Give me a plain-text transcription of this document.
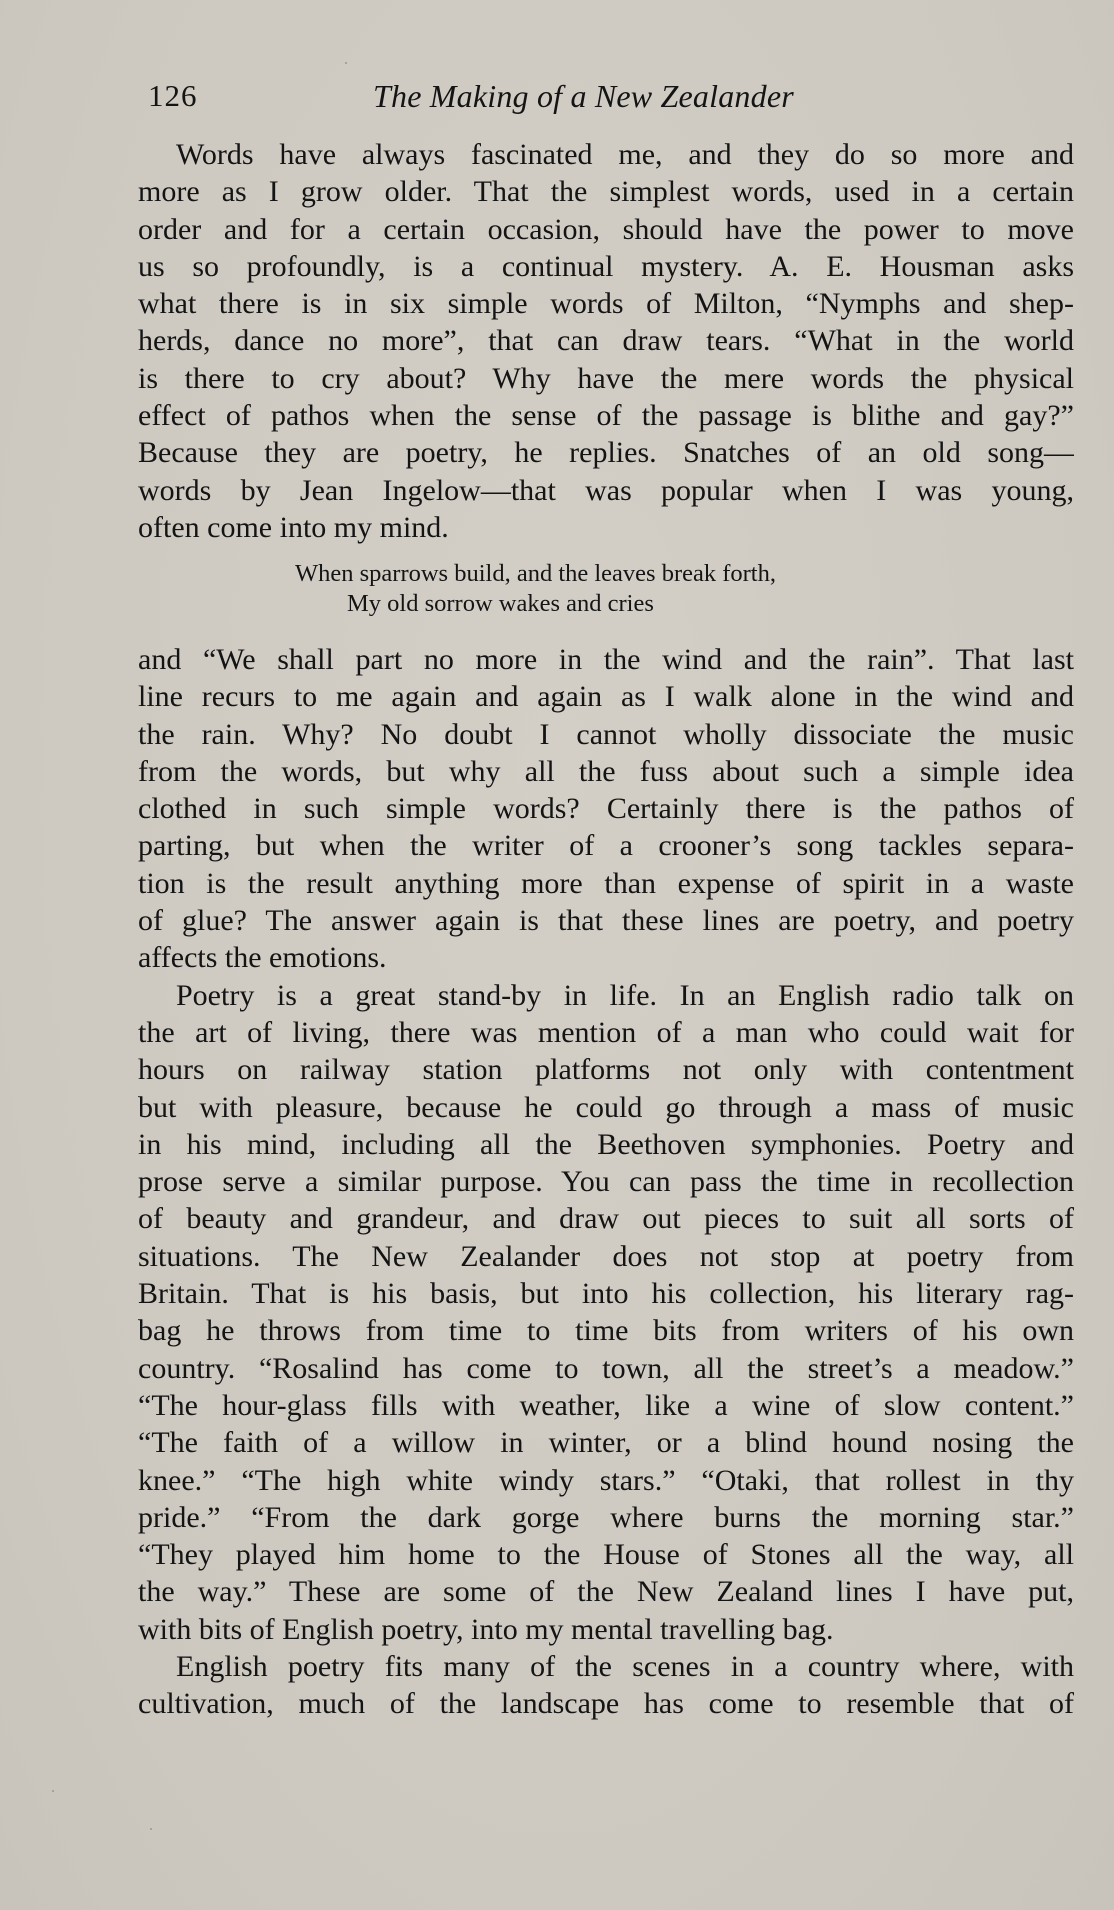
126	The Making of a New Zealander
Words have always fascinated me, and they do so more and
more as I grow older. That the simplest words, used in a certain
order and for a certain occasion, should have the power to move
us so profoundly, is a continual mystery. A. E. Housman asks
what there is in six simple words of Milton, “Nymphs and shep-
herds, dance no more”, that can draw tears. “What in the world
is there to cry about? Why have the mere words the physical
effect of pathos when the sense of the passage is blithe and gay?”
Because they are poetry, he replies. Snatches of an old song—
words by Jean Ingelow—that was popular when I was young,
often come into my mind.
When sparrows build, and the leaves break forth,
My old sorrow wakes and cries
and “We shall part no more in the wind and the rain”. That last
line recurs to me again and again as I walk alone in the wind and
the rain. Why? No doubt I cannot wholly dissociate the music
from the words, but why all the fuss about such a simple idea
clothed in such simple words? Certainly there is the pathos of
parting, but when the writer of a crooner’s song tackles separa-
tion is the result anything more than expense of spirit in a waste
of glue? The answer again is that these lines are poetry, and poetry
affects the emotions.
Poetry is a great stand-by in life. In an English radio talk on
the art of living, there was mention of a man who could wait for
hours on railway station platforms not only with contentment
but with pleasure, because he could go through a mass of music
in his mind, including all the Beethoven symphonies. Poetry and
prose serve a similar purpose. You can pass the time in recollection
of beauty and grandeur, and draw out pieces to suit all sorts of
situations. The New Zealander does not stop at poetry from
Britain. That is his basis, but into his collection, his literary rag-
bag he throws from time to time bits from writers of his own
country. “Rosalind has come to town, all the street’s a meadow.”
“The hour-glass fills with weather, like a wine of slow content.”
“The faith of a willow in winter, or a blind hound nosing the
knee.” “The high white windy stars.” “Otaki, that rollest in thy
pride.” “From the dark gorge where burns the morning star.”
“They played him home to the House of Stones all the way, all
the way.” These are some of the New Zealand lines I have put,
with bits of English poetry, into my mental travelling bag.
English poetry fits many of the scenes in a country where, with
cultivation, much of the landscape has come to resemble that of
